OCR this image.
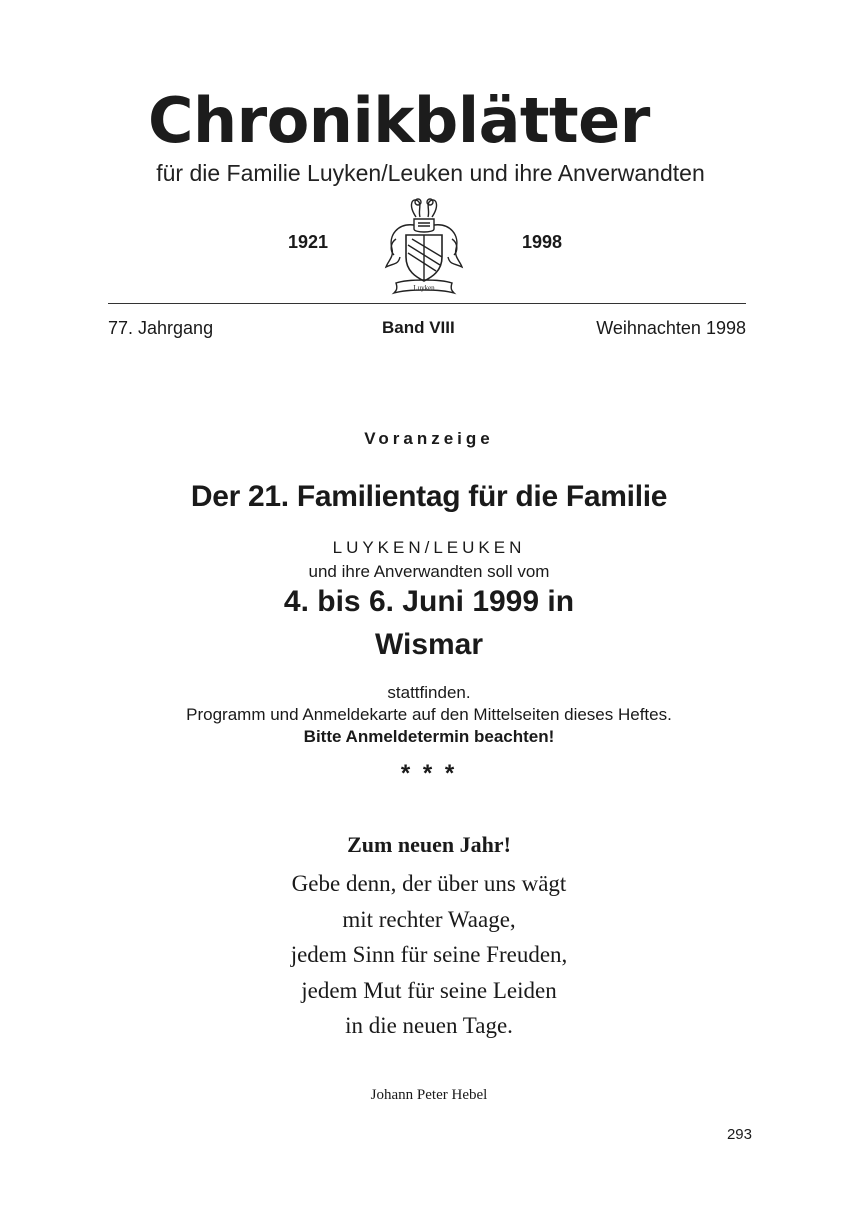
Chronikblätter
für die Familie Luyken/Leuken und ihre Anverwandten
1921
Luyken
1998
77. Jahrgang	Band VIII	Weihnachten 1998
Voranzeige
Der 21. Familientag für die Familie
LUYKEN/LEUKEN
und ihre Anverwandten soll vom
4. bis 6. Juni 1999 in
Wismar
stattfinden.
Programm und Anmeldekarte auf den Mittelseiten dieses Heftes.
Bitte Anmeldetermin beachten!
* * *
Zum neuen Jahr!
Gebe denn, der über uns wägt
mit rechter Waage,
jedem Sinn für seine Freuden,
jedem Mut für seine Leiden
in die neuen Tage.
Johann Peter Hebel
293
